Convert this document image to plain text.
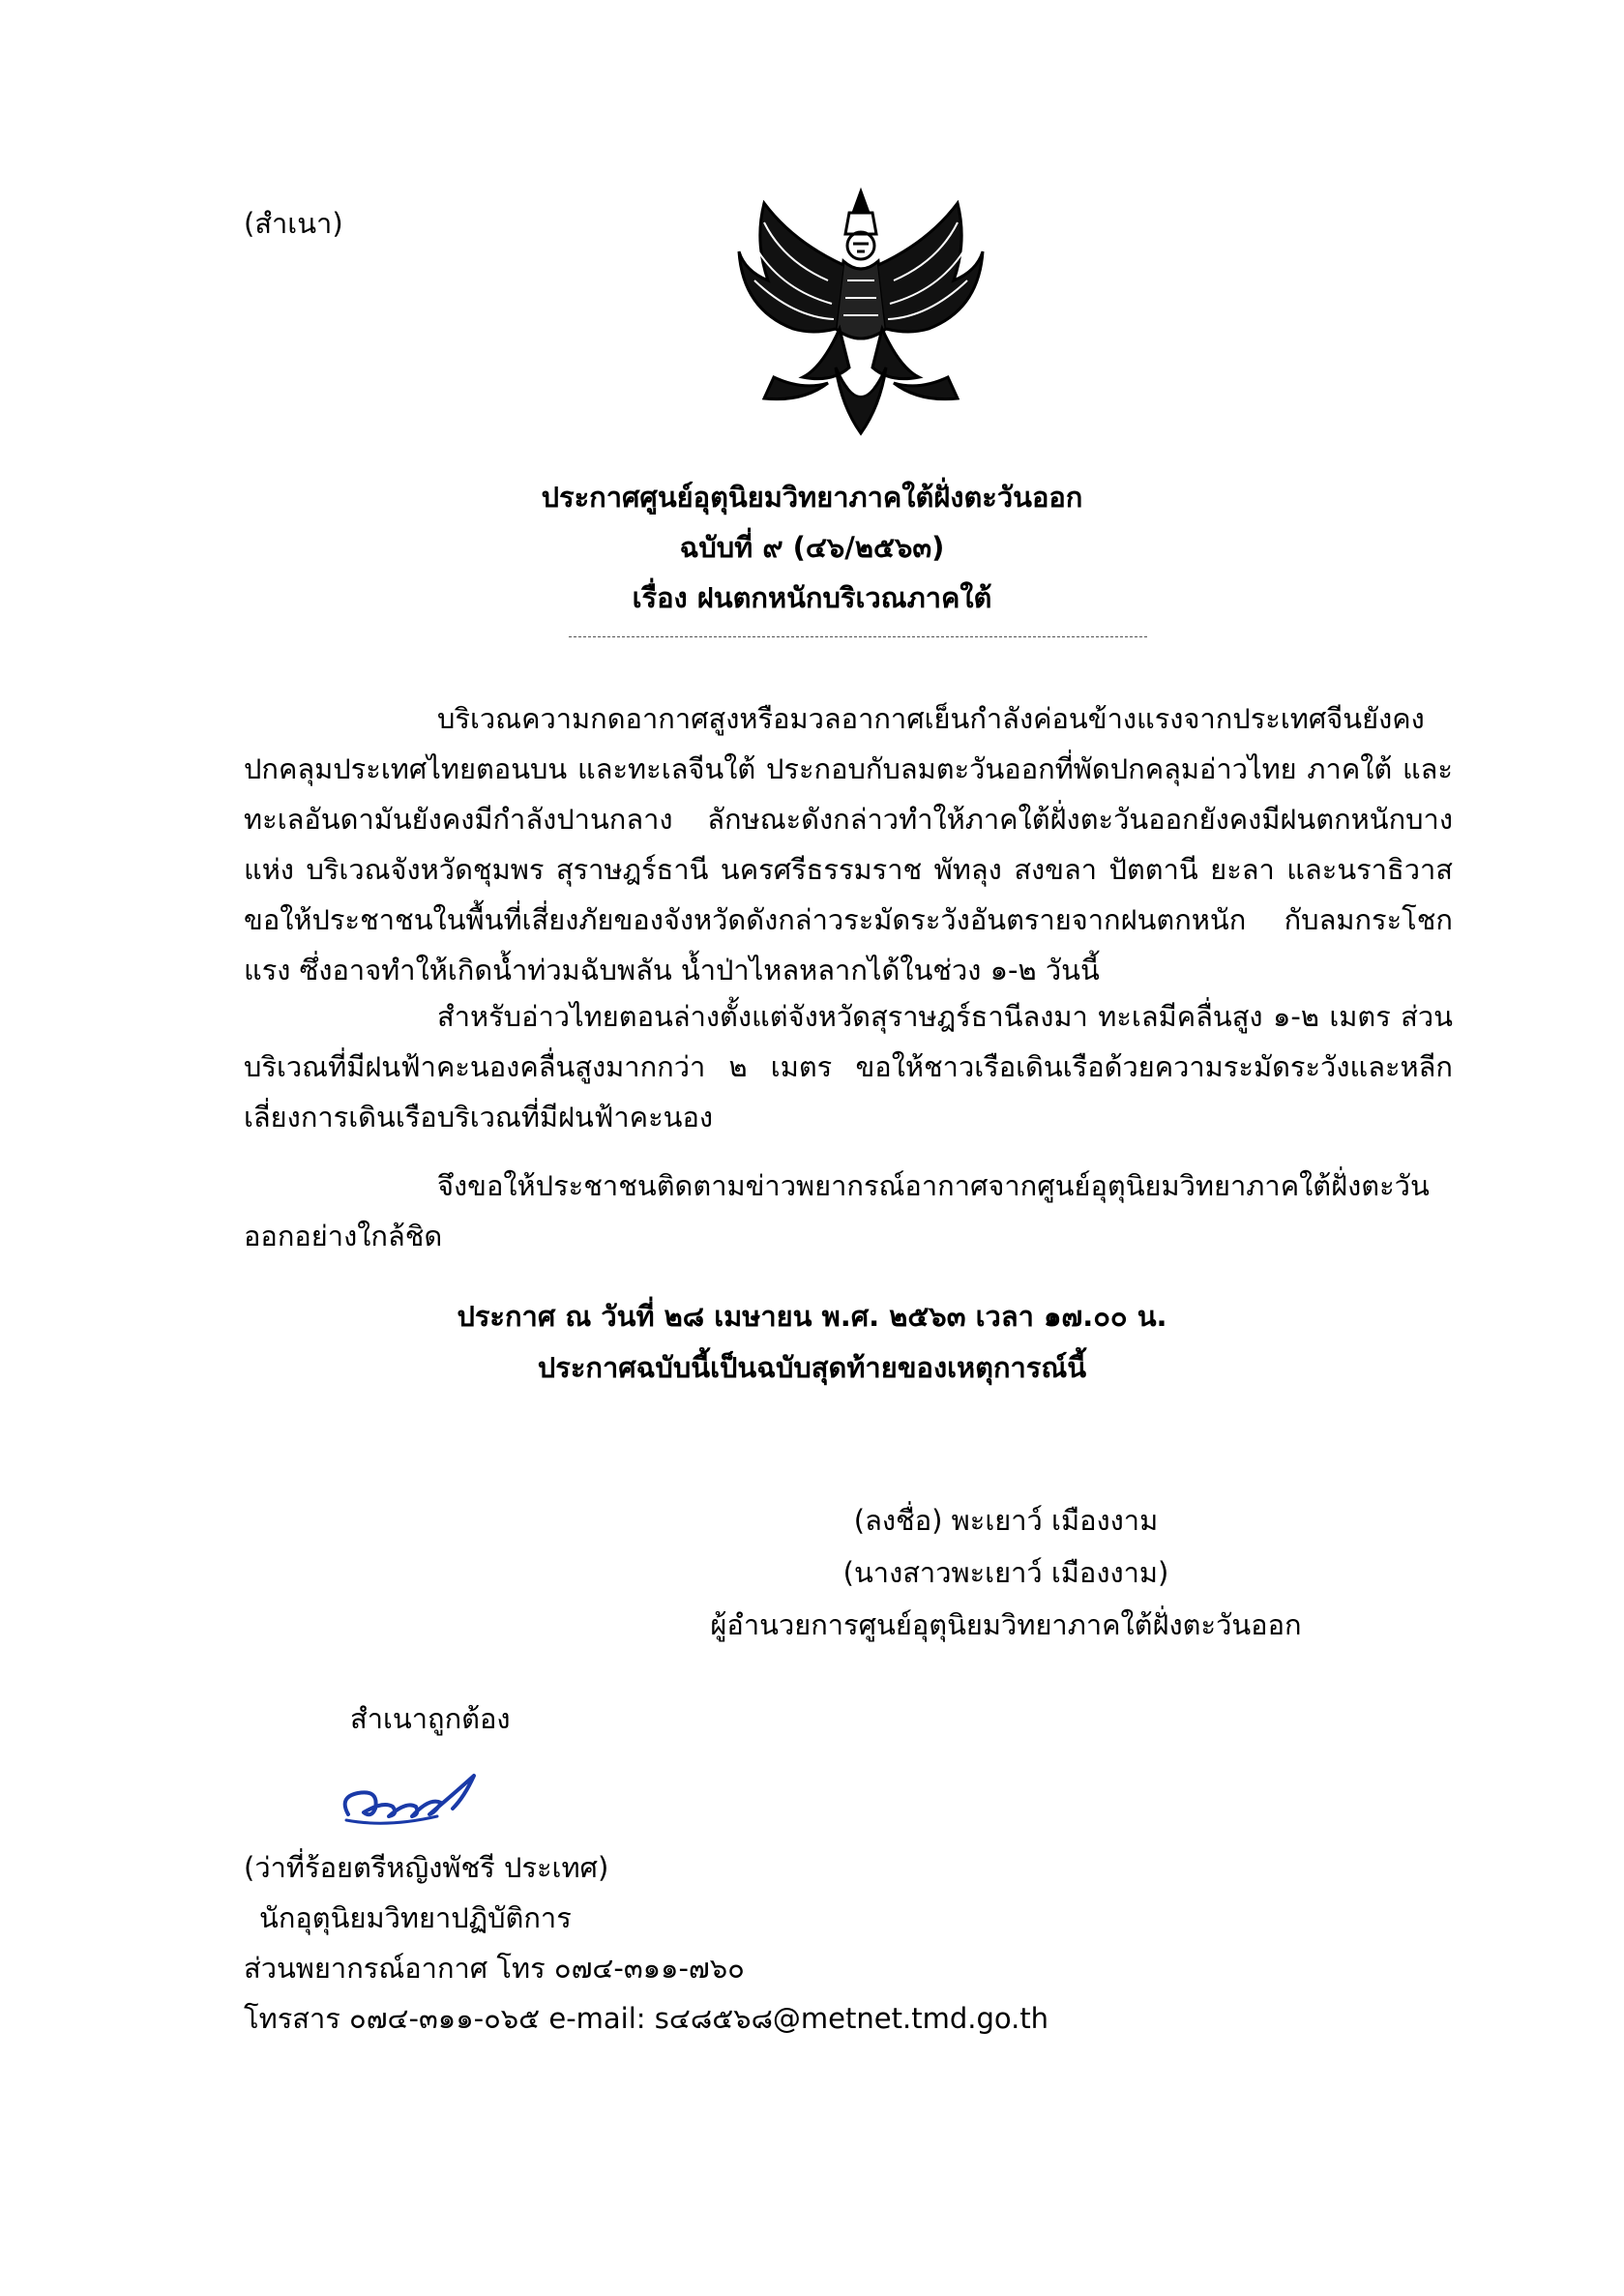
(สำเนา)
ประกาศศูนย์อุตุนิยมวิทยาภาคใต้ฝั่งตะวันออก
ฉบับที่ ๙ (๔๖/๒๕๖๓)
เรื่อง ฝนตกหนักบริเวณภาคใต้
บริเวณความกดอากาศสูงหรือมวลอากาศเย็นกำลังค่อนข้างแรงจากประเทศจีนยังคงปกคลุมประเทศไทยตอนบน และทะเลจีนใต้ ประกอบกับลมตะวันออกที่พัดปกคลุมอ่าวไทย ภาคใต้ และทะเลอันดามันยังคงมีกำลังปานกลาง ลักษณะดังกล่าวทำให้ภาคใต้ฝั่งตะวันออกยังคงมีฝนตกหนักบางแห่ง บริเวณจังหวัดชุมพร สุราษฎร์ธานี นครศรีธรรมราช พัทลุง สงขลา ปัตตานี ยะลา และนราธิวาส ขอให้ประชาชนในพื้นที่เสี่ยงภัยของจังหวัดดังกล่าวระมัดระวังอันตรายจากฝนตกหนัก กับลมกระโชกแรง ซึ่งอาจทำให้เกิดน้ำท่วมฉับพลัน น้ำป่าไหลหลากได้ในช่วง ๑-๒ วันนี้
สำหรับอ่าวไทยตอนล่างตั้งแต่จังหวัดสุราษฎร์ธานีลงมา ทะเลมีคลื่นสูง ๑-๒ เมตร ส่วนบริเวณที่มีฝนฟ้าคะนองคลื่นสูงมากกว่า ๒ เมตร ขอให้ชาวเรือเดินเรือด้วยความระมัดระวังและหลีกเลี่ยงการเดินเรือบริเวณที่มีฝนฟ้าคะนอง
จึงขอให้ประชาชนติดตามข่าวพยากรณ์อากาศจากศูนย์อุตุนิยมวิทยาภาคใต้ฝั่งตะวันออกอย่างใกล้ชิด
ประกาศ ณ วันที่ ๒๘ เมษายน พ.ศ. ๒๕๖๓ เวลา ๑๗.๐๐ น.
ประกาศฉบับนี้เป็นฉบับสุดท้ายของเหตุการณ์นี้
(ลงชื่อ) พะเยาว์ เมืองงาม
(นางสาวพะเยาว์ เมืองงาม)
ผู้อำนวยการศูนย์อุตุนิยมวิทยาภาคใต้ฝั่งตะวันออก
สำเนาถูกต้อง
(ว่าที่ร้อยตรีหญิงพัชรี ประเทศ)
นักอุตุนิยมวิทยาปฏิบัติการ
ส่วนพยากรณ์อากาศ โทร ๐๗๔-๓๑๑-๗๖๐
โทรสาร ๐๗๔-๓๑๑-๐๖๕ e-mail: s๔๘๕๖๘@metnet.tmd.go.th
